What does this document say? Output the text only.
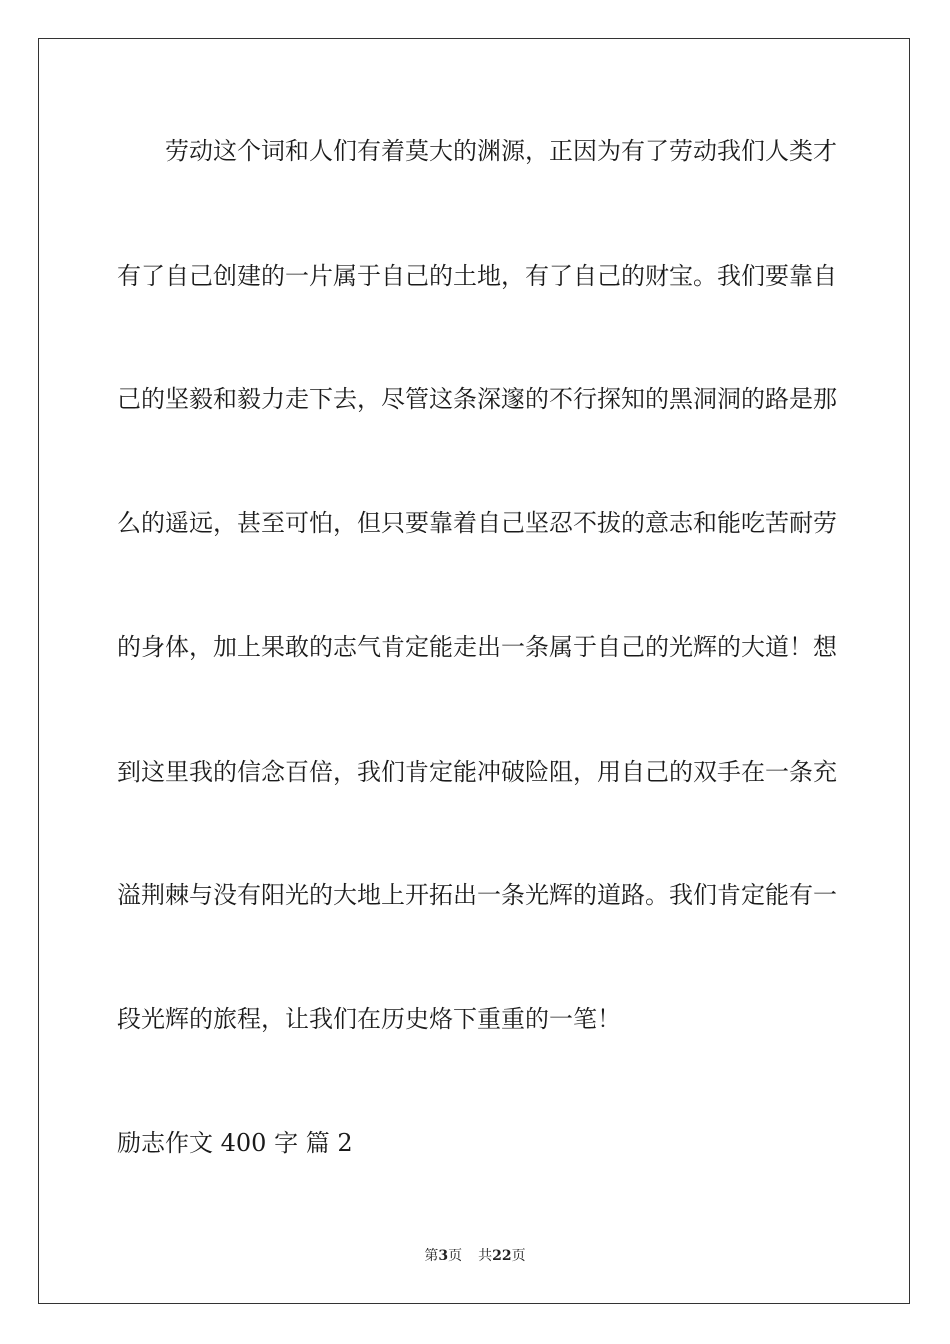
劳动这个词和人们有着莫大的渊源，正因为有了劳动我们人类才
有了自己创建的一片属于自己的土地，有了自己的财宝。我们要靠自
己的坚毅和毅力走下去，尽管这条深邃的不行探知的黑洞洞的路是那
么的遥远，甚至可怕，但只要靠着自己坚忍不拔的意志和能吃苦耐劳
的身体，加上果敢的志气肯定能走出一条属于自己的光辉的大道！想
到这里我的信念百倍，我们肯定能冲破险阻，用自己的双手在一条充
溢荆棘与没有阳光的大地上开拓出一条光辉的道路。我们肯定能有一
段光辉的旅程，让我们在历史烙下重重的一笔！
励志作文 400 字 篇 2
第3页 共22页
